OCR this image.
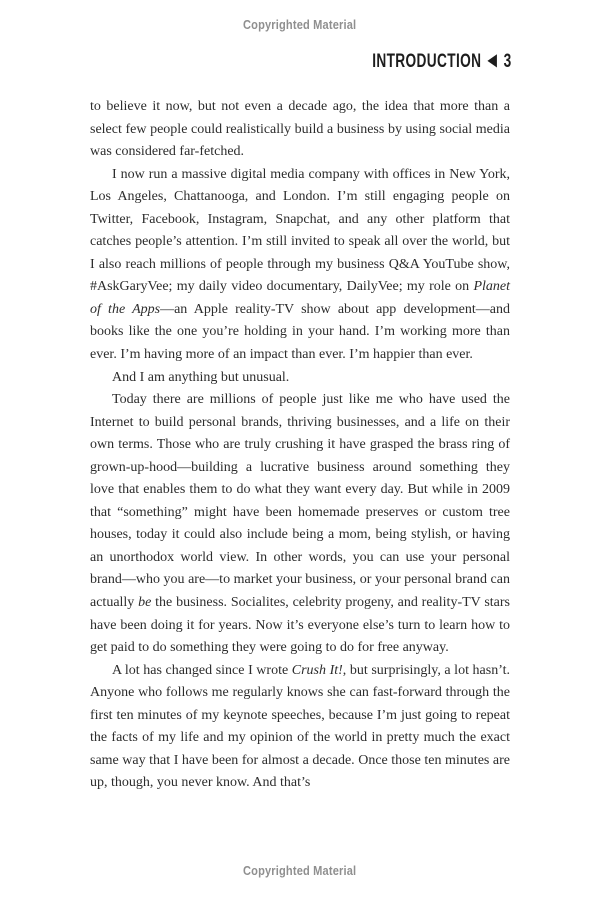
Copyrighted Material
INTRODUCTION ◀ 3

to believe it now, but not even a decade ago, the idea that more than a select few people could realistically build a business by using social media was considered far-fetched.

I now run a massive digital media company with offices in New York, Los Angeles, Chattanooga, and London. I’m still engaging people on Twitter, Facebook, Instagram, Snapchat, and any other platform that catches people’s attention. I’m still invited to speak all over the world, but I also reach millions of people through my business Q&A YouTube show, #AskGaryVee; my daily video documentary, DailyVee; my role on Planet of the Apps—an Apple reality-TV show about app development—and books like the one you’re holding in your hand. I’m working more than ever. I’m having more of an impact than ever. I’m happier than ever.

And I am anything but unusual.

Today there are millions of people just like me who have used the Internet to build personal brands, thriving businesses, and a life on their own terms. Those who are truly crushing it have grasped the brass ring of grown-up-hood—building a lucrative business around something they love that enables them to do what they want every day. But while in 2009 that “something” might have been homemade preserves or custom tree houses, today it could also include being a mom, being stylish, or having an unorthodox world view. In other words, you can use your personal brand—who you are—to market your business, or your personal brand can actually be the business. Socialites, celebrity progeny, and reality-TV stars have been doing it for years. Now it’s everyone else’s turn to learn how to get paid to do something they were going to do for free anyway.

A lot has changed since I wrote Crush It!, but surprisingly, a lot hasn’t. Anyone who follows me regularly knows she can fast-forward through the first ten minutes of my keynote speeches, because I’m just going to repeat the facts of my life and my opinion of the world in pretty much the exact same way that I have been for almost a decade. Once those ten minutes are up, though, you never know. And that’s

Copyrighted Material
